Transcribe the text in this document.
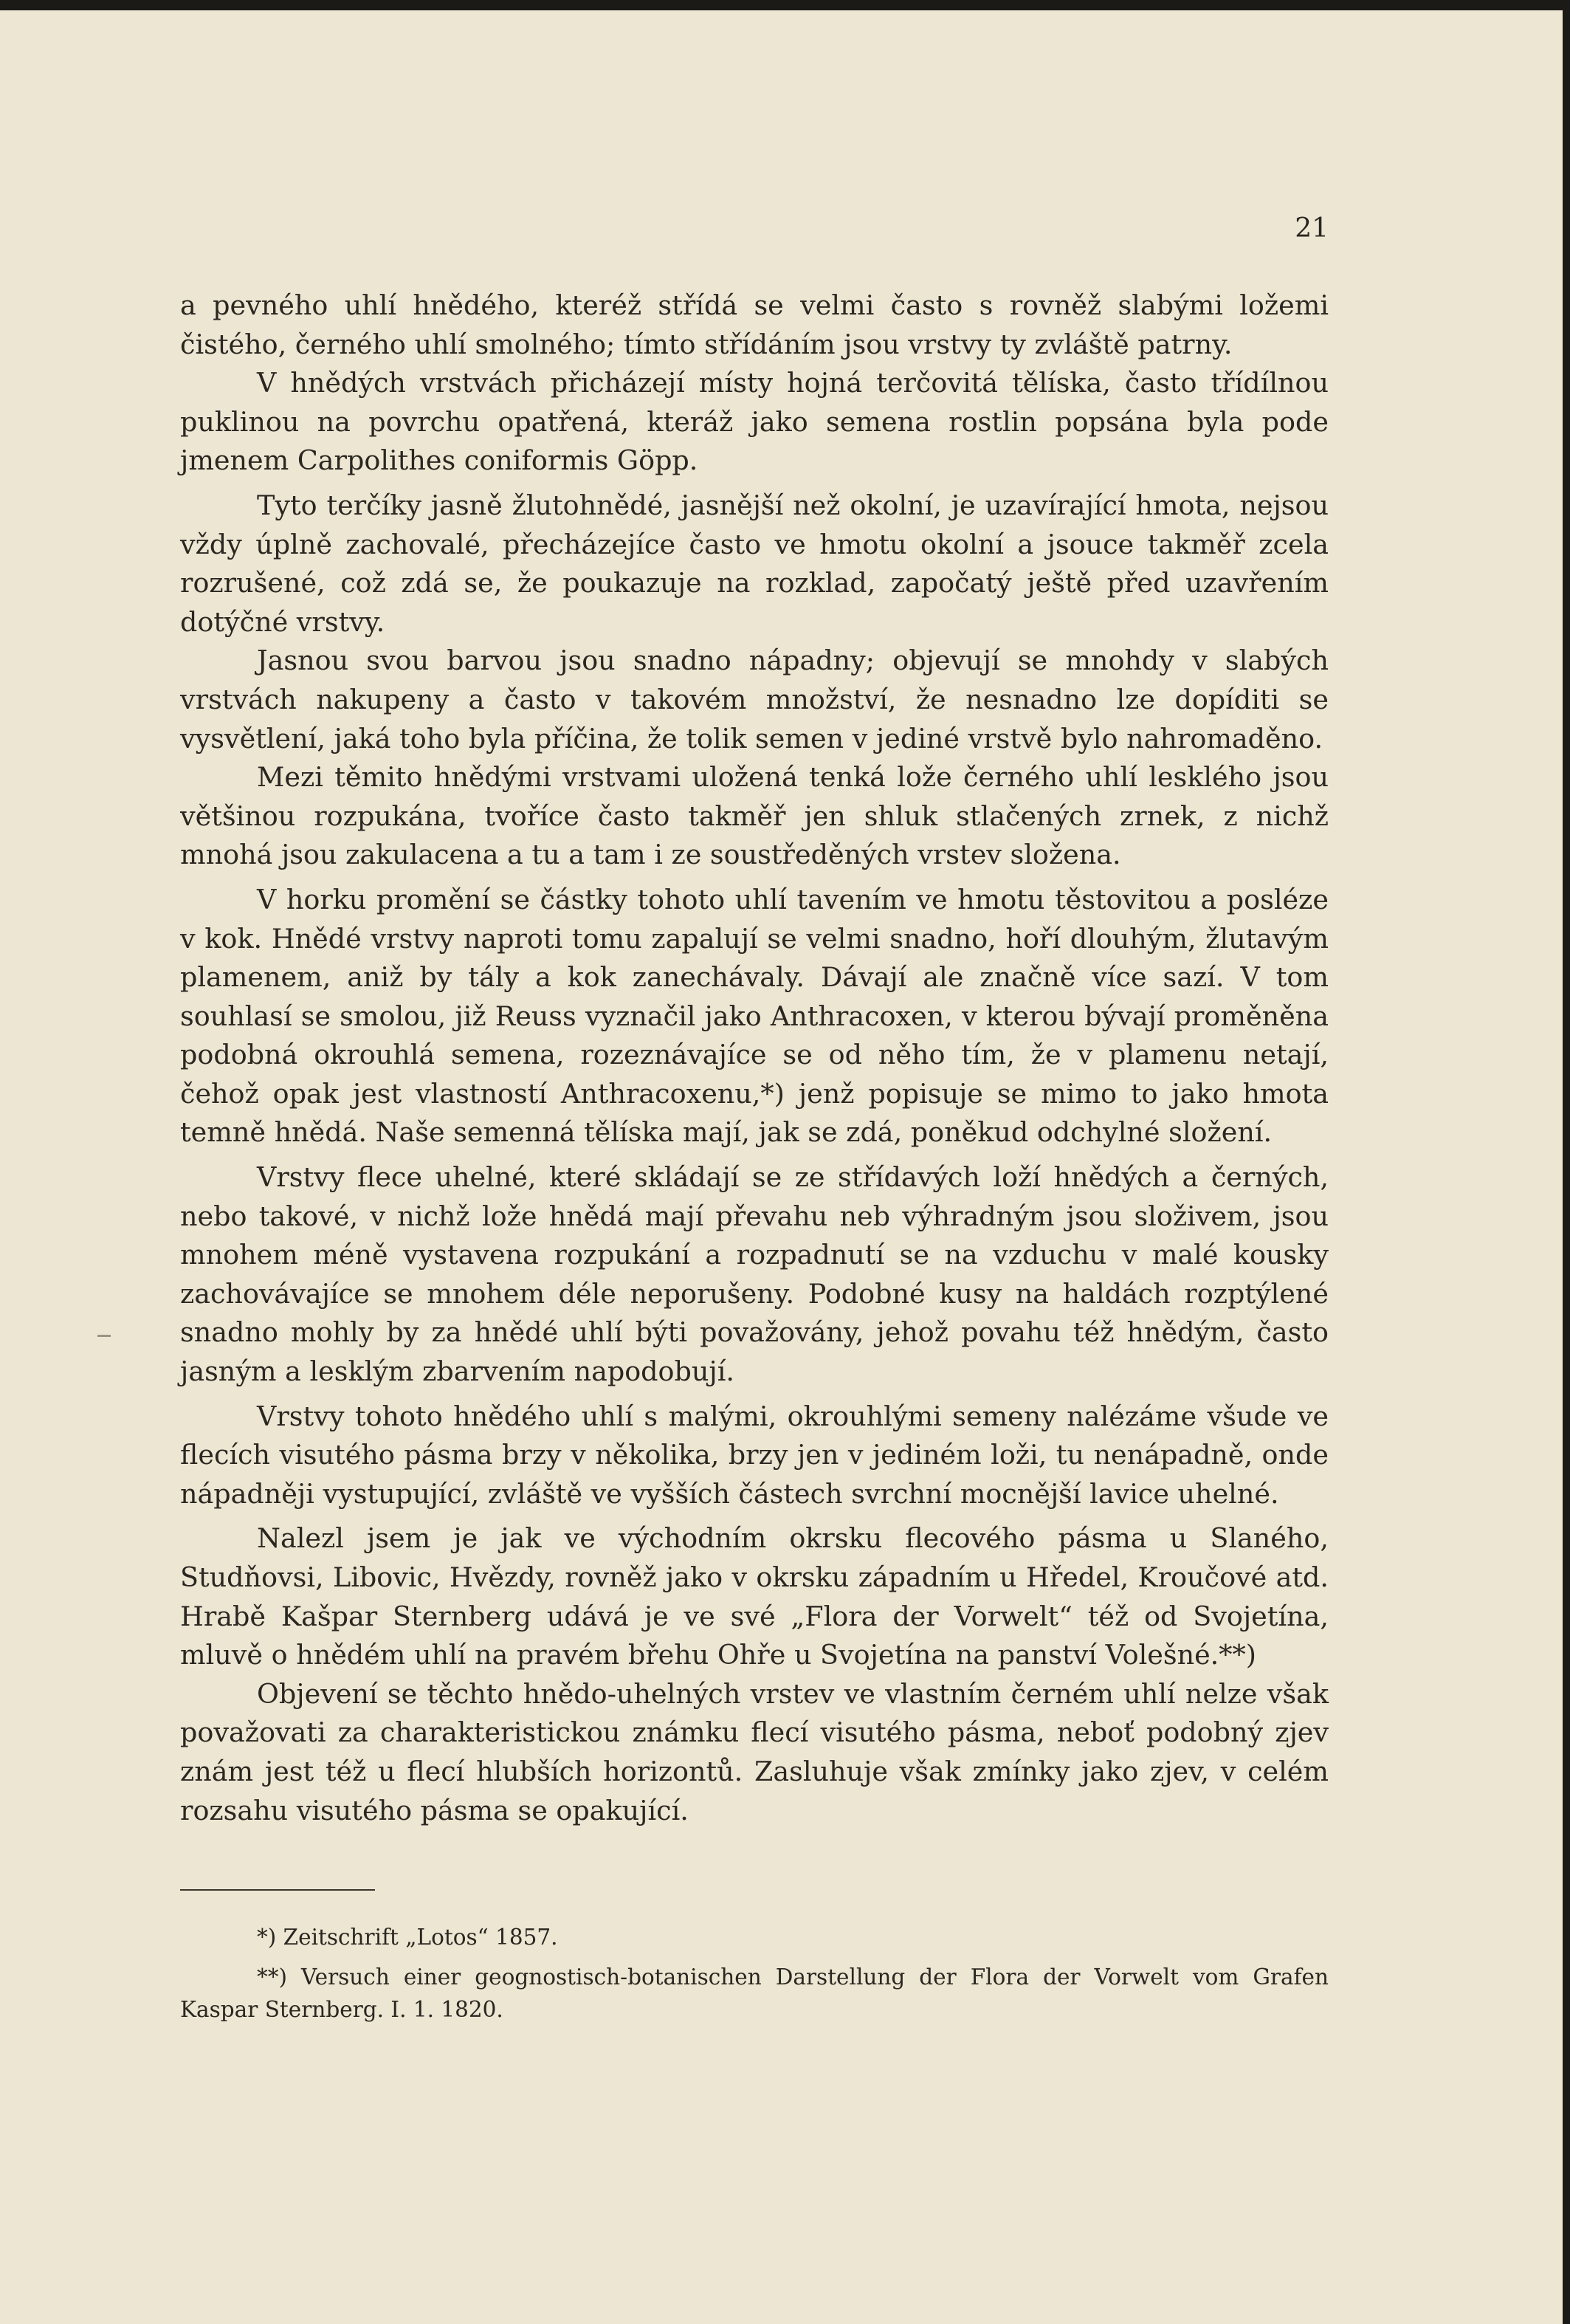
21

a pevného uhlí hnědého, kteréž střídá se velmi často s rovněž slabými ložemi čistého, černého uhlí smolného; tímto střídáním jsou vrstvy ty zvláště patrny.

V hnědých vrstvách přicházejí místy hojná terčovitá tělíska, často třídílnou puklinou na povrchu opatřená, kteráž jako semena rostlin popsána byla pode jmenem Carpolithes coniformis Göpp.

Tyto terčíky jasně žlutohnědé, jasnější než okolní, je uzavírající hmota, nejsou vždy úplně zachovalé, přecházejíce často ve hmotu okolní a jsouce takměř zcela rozrušené, což zdá se, že poukazuje na rozklad, započatý ještě před uzavřením dotýčné vrstvy.

Jasnou svou barvou jsou snadno nápadny; objevují se mnohdy v slabých vrstvách nakupeny a často v takovém množství, že nesnadno lze dopíditi se vysvětlení, jaká toho byla příčina, že tolik semen v jediné vrstvě bylo nahromaděno.

Mezi těmito hnědými vrstvami uložená tenká lože černého uhlí lesklého jsou většinou rozpukána, tvoříce často takměř jen shluk stlačených zrnek, z nichž mnohá jsou zakulacena a tu a tam i ze soustředěných vrstev složena.

V horku promění se částky tohoto uhlí tavením ve hmotu těstovitou a posléze v kok. Hnědé vrstvy naproti tomu zapalují se velmi snadno, hoří dlouhým, žlutavým plamenem, aniž by tály a kok zanechávaly. Dávají ale značně více sazí. V tom souhlasí se smolou, již Reuss vyznačil jako Anthracoxen, v kterou bývají proměněna podobná okrouhlá semena, rozeznávajíce se od něho tím, že v plamenu netají, čehož opak jest vlastností Anthracoxenu,*) jenž popisuje se mimo to jako hmota temně hnědá. Naše semenná tělíska mají, jak se zdá, poněkud odchylné složení.

Vrstvy flece uhelné, které skládají se ze střídavých loží hnědých a černých, nebo takové, v nichž lože hnědá mají převahu neb výhradným jsou složivem, jsou mnohem méně vystavena rozpukání a rozpadnutí se na vzduchu v malé kousky zachovávajíce se mnohem déle neporušeny. Podobné kusy na haldách rozptýlené snadno mohly by za hnědé uhlí býti považovány, jehož povahu též hnědým, často jasným a lesklým zbarvením napodobují.

Vrstvy tohoto hnědého uhlí s malými, okrouhlými semeny nalézáme všude ve flecích visutého pásma brzy v několika, brzy jen v jediném loži, tu nenápadně, onde nápadněji vystupující, zvláště ve vyšších částech svrchní mocnější lavice uhelné.

Nalezl jsem je jak ve východním okrsku flecového pásma u Slaného, Studňovsi, Libovic, Hvězdy, rovněž jako v okrsku západním u Hředel, Kroučové atd. Hrabě Kašpar Sternberg udává je ve své „Flora der Vorwelt“ též od Svojetína, mluvě o hnědém uhlí na pravém břehu Ohře u Svojetína na panství Volešné.**)

Objevení se těchto hnědo-uhelných vrstev ve vlastním černém uhlí nelze však považovati za charakteristickou známku flecí visutého pásma, neboť podobný zjev znám jest též u flecí hlubších horizontů. Zasluhuje však zmínky jako zjev, v celém rozsahu visutého pásma se opakující.

*) Zeitschrift „Lotos“ 1857.

**) Versuch einer geognostisch-botanischen Darstellung der Flora der Vorwelt vom Grafen Kaspar Sternberg. I. 1. 1820.
